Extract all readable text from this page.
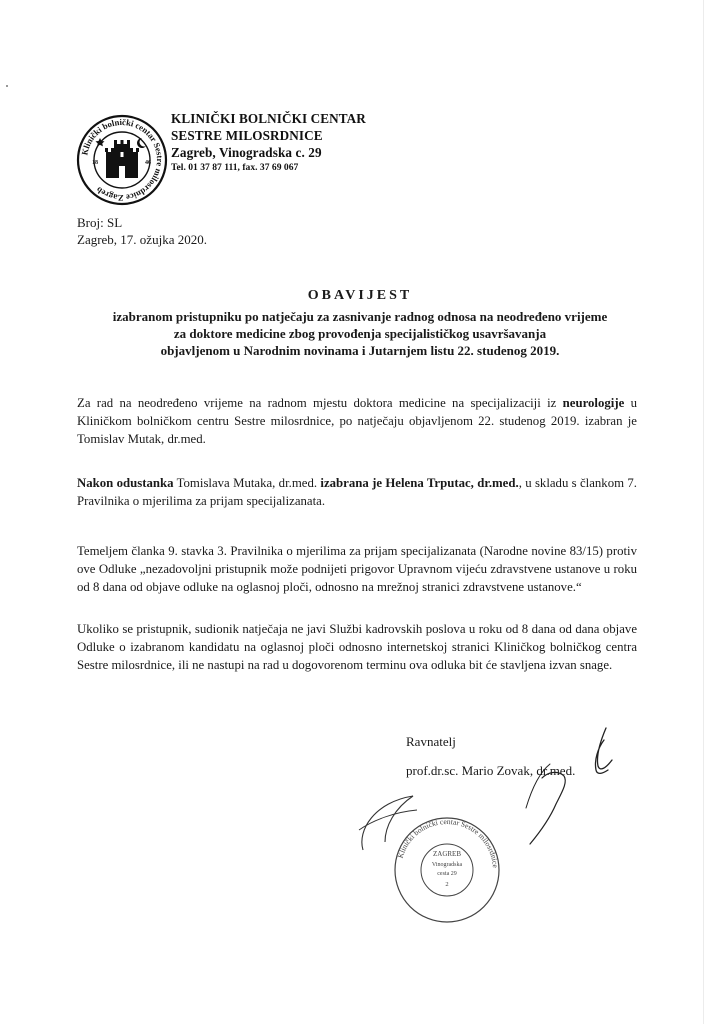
Klinički bolnički centar Sestre milosrdnice Zagreb
18	46
KLINIČKI BOLNIČKI CENTAR
SESTRE MILOSRDNICE
Zagreb, Vinogradska c. 29
Tel. 01 37 87 111, fax. 37 69 067
Broj: SL
Zagreb, 17. ožujka 2020.
OBAVIJEST
izabranom pristupniku po natječaju za zasnivanje radnog odnosa na neodređeno vrijeme
za doktore medicine zbog provođenja specijalističkog usavršavanja
objavljenom u Narodnim novinama i Jutarnjem listu 22. studenog 2019.
Za rad na neodređeno vrijeme na radnom mjestu doktora medicine na specijalizaciji iz neurologije u Kliničkom bolničkom centru Sestre milosrdnice, po natječaju objavljenom 22. studenog 2019. izabran je Tomislav Mutak, dr.med.
Nakon odustanka Tomislava Mutaka, dr.med. izabrana je Helena Trputac, dr.med., u skladu s člankom 7. Pravilnika o mjerilima za prijam specijalizanata.
Temeljem članka 9. stavka 3. Pravilnika o mjerilima za prijam specijalizanata (Narodne novine 83/15) protiv ove Odluke „nezadovoljni pristupnik može podnijeti prigovor Upravnom vijeću zdravstvene ustanove u roku od 8 dana od objave odluke na oglasnoj ploči, odnosno na mrežnoj stranici zdravstvene ustanove.“
Ukoliko se pristupnik, sudionik natječaja ne javi Službi kadrovskih poslova u roku od 8 dana od dana objave Odluke o izabranom kandidatu na oglasnoj ploči odnosno internetskoj stranici Kliničkog bolničkog centra Sestre milosrdnice, ili ne nastupi na rad u dogovorenom terminu ova odluka bit će stavljena izvan snage.
Ravnatelj
prof.dr.sc. Mario Zovak, dr.med.
Klinički bolnički centar Sestre milosrdnice
ZAGREB
Vinogradska
cesta 29
2
